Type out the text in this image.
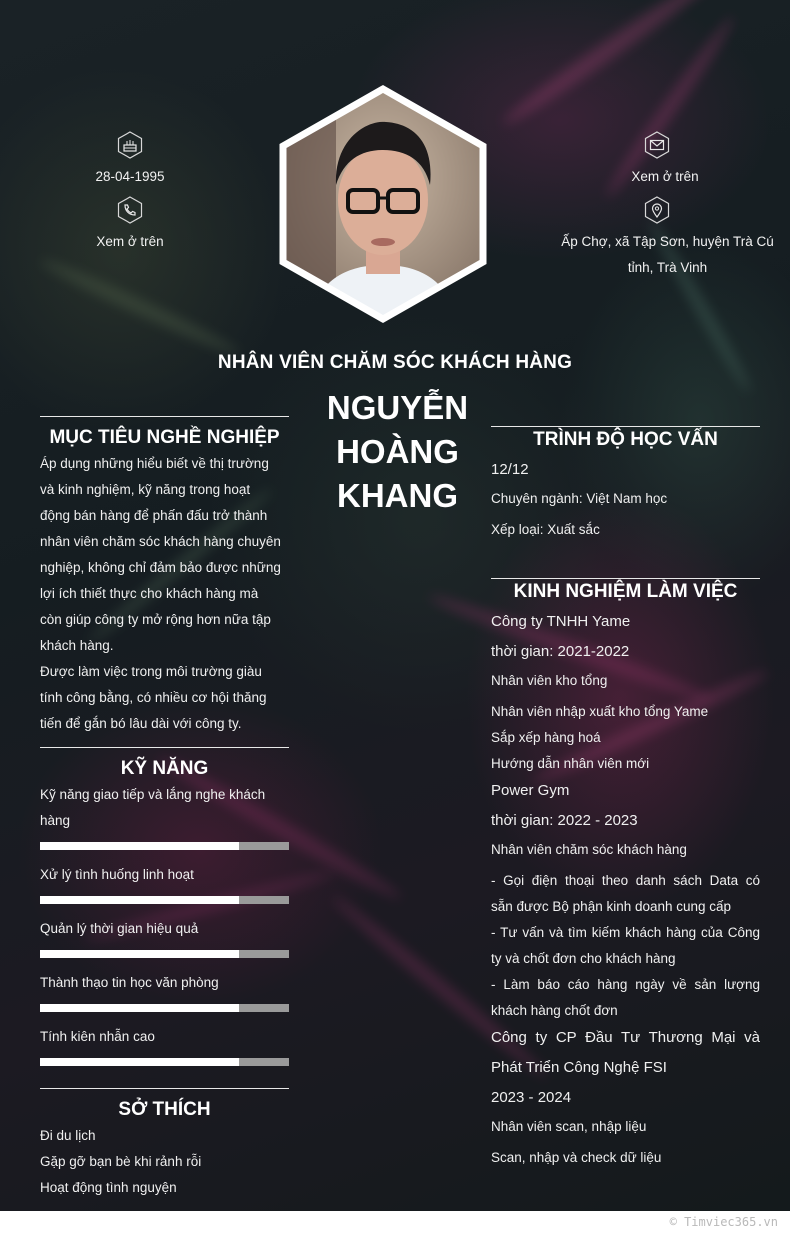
28-04-1995
Xem ở trên
Xem ở trên
Ấp Chợ, xã Tập Sơn, huyện Trà Cú
tỉnh, Trà Vinh
NHÂN VIÊN CHĂM SÓC KHÁCH HÀNG
NGUYỄN
HOÀNG
KHANG
MỤC TIÊU NGHỀ NGHIỆP
Áp dụng những hiểu biết về thị trường
và kinh nghiệm, kỹ năng trong hoạt
động bán hàng để phấn đấu trở thành
nhân viên chăm sóc khách hàng chuyên
nghiệp, không chỉ đảm bảo được những
lợi ích thiết thực cho khách hàng mà
còn giúp công ty mở rộng hơn nữa tập
khách hàng.
Được làm việc trong môi trường giàu
tính công bằng, có nhiều cơ hội thăng
tiến để gắn bó lâu dài với công ty.
KỸ NĂNG
Kỹ năng giao tiếp và lắng nghe khách
hàng
Xử lý tình huống linh hoạt
Quản lý thời gian hiệu quả
Thành thạo tin học văn phòng
Tính kiên nhẫn cao
SỞ THÍCH
Đi du lịch
Gặp gỡ bạn bè khi rảnh rỗi
Hoạt động tình nguyện
TRÌNH ĐỘ HỌC VẤN
12/12
Chuyên ngành: Việt Nam học
Xếp loại: Xuất sắc
KINH NGHIỆM LÀM VIỆC
Công ty TNHH Yame
thời gian: 2021-2022
Nhân viên kho tổng
Nhân viên nhập xuất kho tổng Yame
Sắp xếp hàng hoá
Hướng dẫn nhân viên mới
Power Gym
thời gian: 2022 - 2023
Nhân viên chăm sóc khách hàng
- Gọi điện thoại theo danh sách Data có
sẵn được Bộ phận kinh doanh cung cấp
- Tư vấn và tìm kiếm khách hàng của Công
ty và chốt đơn cho khách hàng
- Làm báo cáo hàng ngày về sản lượng
khách hàng chốt đơn
Công ty CP Đầu Tư Thương Mại và
Phát Triển Công Nghệ FSI
2023 - 2024
Nhân viên scan, nhập liệu
Scan, nhập và check dữ liệu
© Timviec365.vn
